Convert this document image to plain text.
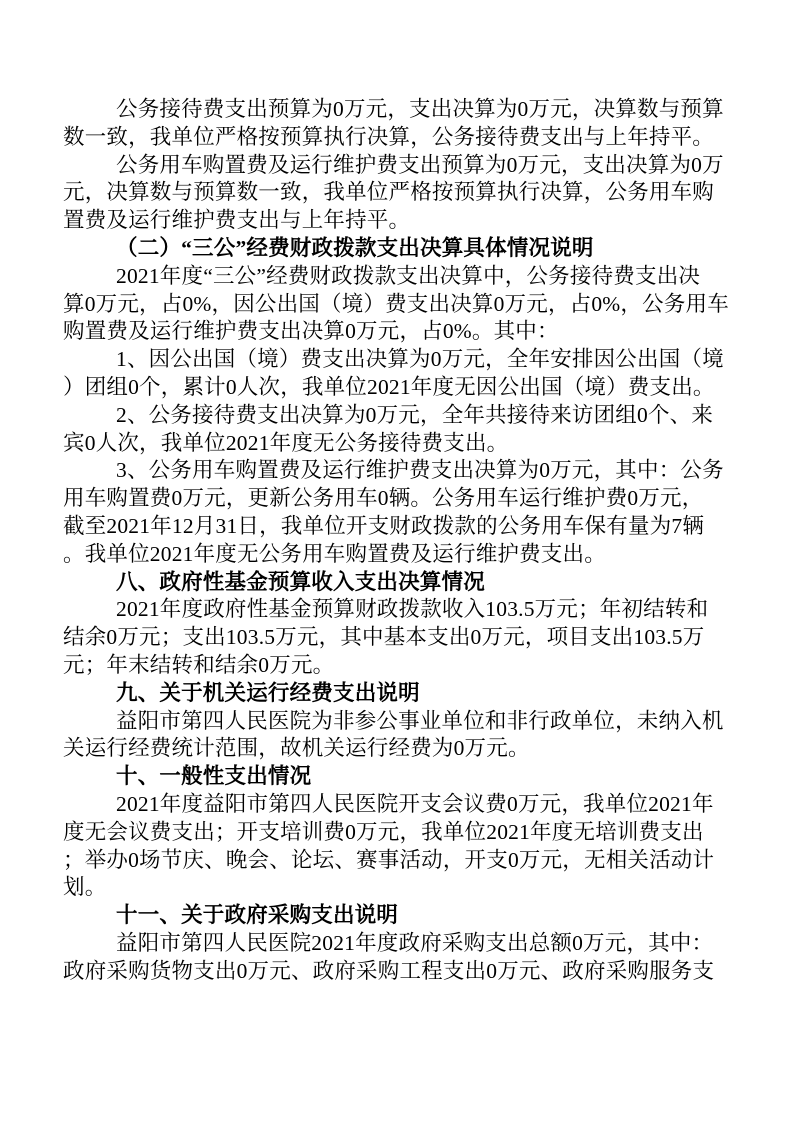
公务接待费支出预算为0万元，支出决算为0万元，决算数与预算
数一致，我单位严格按预算执行决算，公务接待费支出与上年持平。
公务用车购置费及运行维护费支出预算为0万元，支出决算为0万
元，决算数与预算数一致，我单位严格按预算执行决算，公务用车购
置费及运行维护费支出与上年持平。
（二）“三公”经费财政拨款支出决算具体情况说明
2021年度“三公”经费财政拨款支出决算中，公务接待费支出决
算0万元，占0%，因公出国（境）费支出决算0万元，占0%，公务用车
购置费及运行维护费支出决算0万元，占0%。其中：
1、因公出国（境）费支出决算为0万元，全年安排因公出国（境
）团组0个，累计0人次，我单位2021年度无因公出国（境）费支出。
2、公务接待费支出决算为0万元，全年共接待来访团组0个、来
宾0人次，我单位2021年度无公务接待费支出。
3、公务用车购置费及运行维护费支出决算为0万元，其中：公务
用车购置费0万元，更新公务用车0辆。公务用车运行维护费0万元，
截至2021年12月31日，我单位开支财政拨款的公务用车保有量为7辆
。我单位2021年度无公务用车购置费及运行维护费支出。
八、政府性基金预算收入支出决算情况
2021年度政府性基金预算财政拨款收入103.5万元；年初结转和
结余0万元；支出103.5万元，其中基本支出0万元，项目支出103.5万
元；年末结转和结余0万元。
九、关于机关运行经费支出说明
益阳市第四人民医院为非参公事业单位和非行政单位，未纳入机
关运行经费统计范围，故机关运行经费为0万元。
十、一般性支出情况
2021年度益阳市第四人民医院开支会议费0万元，我单位2021年
度无会议费支出；开支培训费0万元，我单位2021年度无培训费支出
；举办0场节庆、晚会、论坛、赛事活动，开支0万元，无相关活动计
划。
十一、关于政府采购支出说明
益阳市第四人民医院2021年度政府采购支出总额0万元，其中：
政府采购货物支出0万元、政府采购工程支出0万元、政府采购服务支
